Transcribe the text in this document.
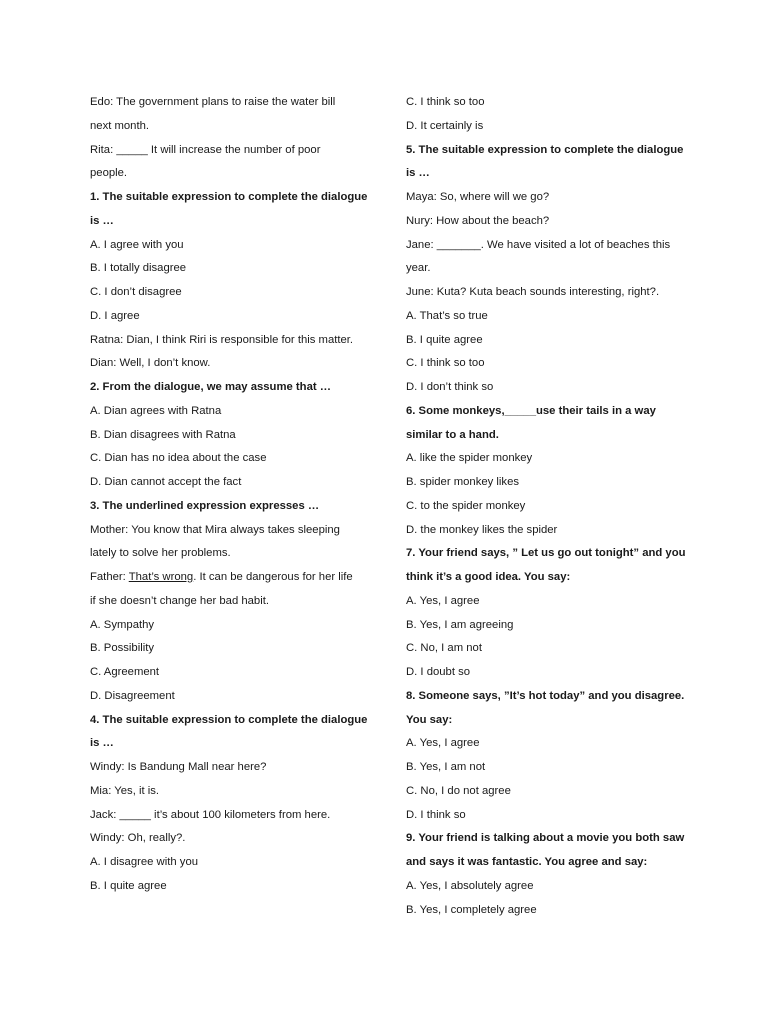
Edo: The government plans to raise the water bill
next month.
Rita: _____ It will increase the number of poor
people.
1. The suitable expression to complete the dialogue
is …
A. I agree with you
B. I totally disagree
C. I don’t disagree
D. I agree
Ratna: Dian, I think Riri is responsible for this matter.
Dian: Well, I don’t know.
2. From the dialogue, we may assume that …
A. Dian agrees with Ratna
B. Dian disagrees with Ratna
C. Dian has no idea about the case
D. Dian cannot accept the fact
3. The underlined expression expresses …
Mother: You know that Mira always takes sleeping
lately to solve her problems.
Father: That’s wrong. It can be dangerous for her life
if she doesn’t change her bad habit.
A. Sympathy
B. Possibility
C. Agreement
D. Disagreement
4. The suitable expression to complete the dialogue
is …
Windy: Is Bandung Mall near here?
Mia: Yes, it is.
Jack: _____ it’s about 100 kilometers from here.
Windy: Oh, really?.
A. I disagree with you
B. I quite agree
C. I think so too
D. It certainly is
5. The suitable expression to complete the dialogue
is …
Maya: So, where will we go?
Nury: How about the beach?
Jane: _______. We have visited a lot of beaches this
year.
June: Kuta? Kuta beach sounds interesting, right?.
A. That’s so true
B. I quite agree
C. I think so too
D. I don’t think so
6. Some monkeys,_____use their tails in a way
similar to a hand.
A. like the spider monkey
B. spider monkey likes
C. to the spider monkey
D. the monkey likes the spider
7. Your friend says, ” Let us go out tonight” and you
think it’s a good idea. You say:
A. Yes, I agree
B. Yes, I am agreeing
C. No, I am not
D. I doubt so
8. Someone says, ”It’s hot today” and you disagree.
You say:
A. Yes, I agree
B. Yes, I am not
C. No, I do not agree
D. I think so
9. Your friend is talking about a movie you both saw
and says it was fantastic. You agree and say:
A. Yes, I absolutely agree
B. Yes, I completely agree
